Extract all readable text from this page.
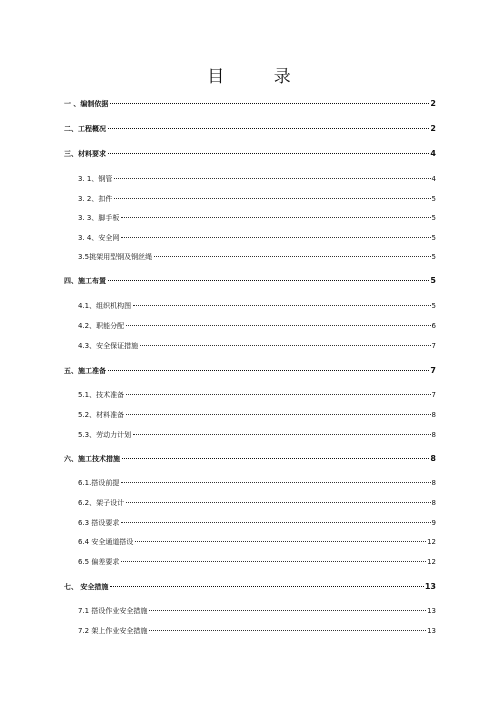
目 录
一 、编制依据	2
二、工程概况	2
三、材料要求	4
3. 1、钢管	4
3. 2、扣件	5
3. 3、脚手板	5
3. 4、安全网	5
3.5挑架用型钢及钢丝绳	5
四、施工布置	5
4.1、组织机构图	5
4.2、职能分配	6
4.3、安全保证措施	7
五、施工准备	7
5.1、技术准备	7
5.2、材料准备	8
5.3、劳动力计划	8
六、施工技术措施	8
6.1.搭设前提	8
6.2、架子设计	8
6.3 搭设要求	9
6.4 安全通道搭设	12
6.5 偏差要求	12
七、 安全措施	13
7.1 搭设作业安全措施	13
7.2 架上作业安全措施	13
